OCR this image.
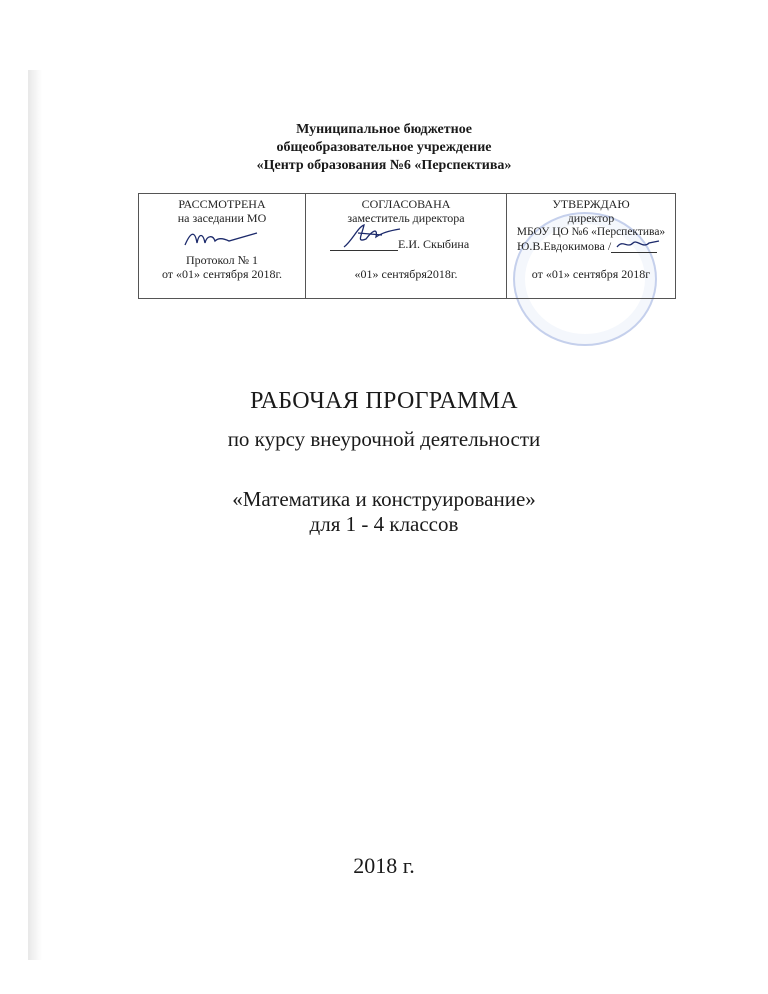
Муниципальное бюджетное
общеобразовательное учреждение
«Центр образования №6 «Перспектива»
РАССМОТРЕНА
на заседании МО
Протокол № 1
от «01» сентября 2018г.

СОГЛАСОВАНА
заместитель директора
Е.И. Скыбина
«01» сентября2018г.

УТВЕРЖДАЮ
директор
МБОУ ЦО №6 «Перспектива»
Ю.В.Евдокимова /
от «01» сентября 2018г
РАБОЧАЯ ПРОГРАММА
по курсу внеурочной деятельности
«Математика и конструирование»
для 1 - 4 классов
2018 г.
